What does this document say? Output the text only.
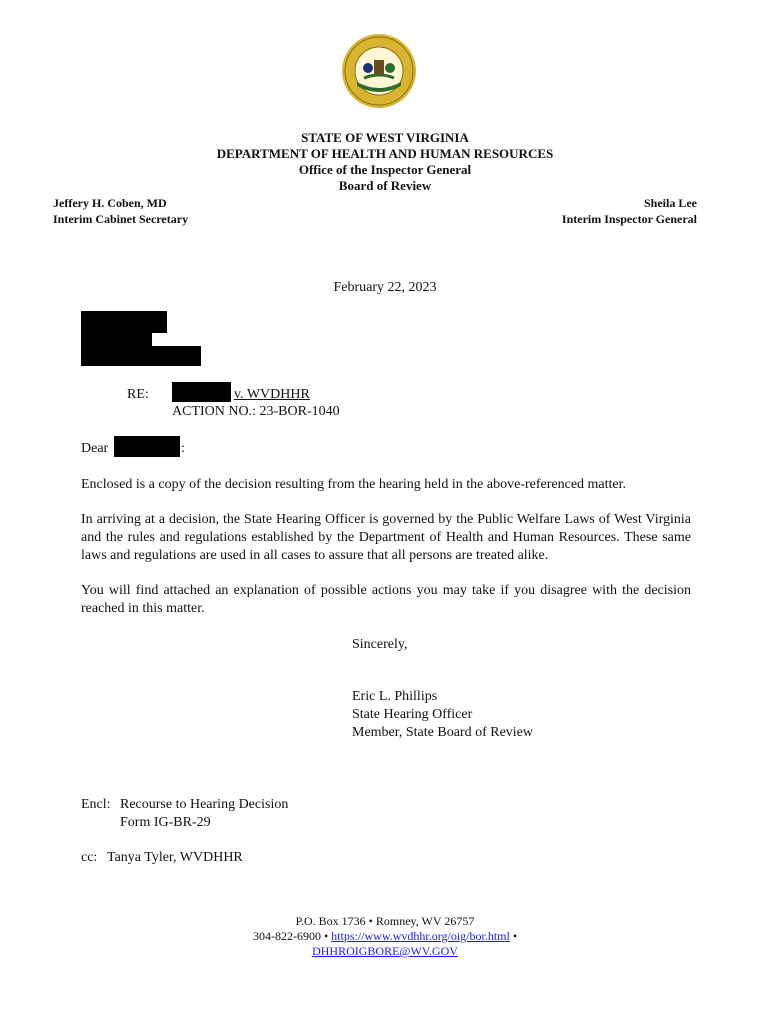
STATE OF WEST VIRGINIA
DEPARTMENT OF HEALTH AND HUMAN RESOURCES
Office of the Inspector General
Board of Review
Jeffery H. Coben, MD
Interim Cabinet Secretary
Sheila Lee
Interim Inspector General
February 22, 2023
RE:	v. WVDHHR
ACTION NO.: 23-BOR-1040
Dear	:
Enclosed is a copy of the decision resulting from the hearing held in the above-referenced matter.
In arriving at a decision, the State Hearing Officer is governed by the Public Welfare Laws of West Virginia and the rules and regulations established by the Department of Health and Human Resources. These same laws and regulations are used in all cases to assure that all persons are treated alike.
You will find attached an explanation of possible actions you may take if you disagree with the decision reached in this matter.
Sincerely,
Eric L. Phillips
State Hearing Officer
Member, State Board of Review
Encl: Recourse to Hearing Decision
Form IG-BR-29
cc: Tanya Tyler, WVDHHR
P.O. Box 1736 • Romney, WV 26757
304-822-6900 • https://www.wvdhhr.org/oig/bor.html •
DHHROIGBORE@WV.GOV
